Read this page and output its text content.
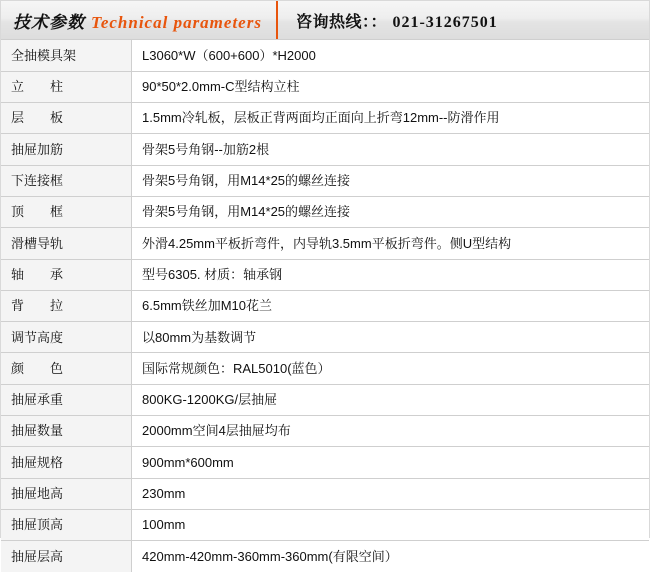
技术参数 Technical parameters	咨询热线：： 021-31267501
全抽模具架	L3060*W（600+600）*H2000
立　　柱	90*50*2.0mm-C型结构立柱
层　　板	1.5mm冷轧板，层板正背两面均正面向上折弯12mm--防滑作用
抽屉加筋	骨架5号角钢--加筋2根
下连接框	骨架5号角钢，用M14*25的螺丝连接
顶　　框	骨架5号角钢，用M14*25的螺丝连接
滑槽导轨	外滑4.25mm平板折弯件，内导轨3.5mm平板折弯件。侧U型结构
轴　　承	型号6305. 材质：轴承钢
背　　拉	6.5mm铁丝加M10花兰
调节高度	以80mm为基数调节
颜　　色	国际常规颜色：RAL5010(蓝色）
抽屉承重	800KG-1200KG/层抽屉
抽屉数量	2000mm空间4层抽屉均布
抽屉规格	900mm*600mm
抽屉地高	230mm
抽屉顶高	100mm
抽屉层高	420mm-420mm-360mm-360mm(有限空间）
